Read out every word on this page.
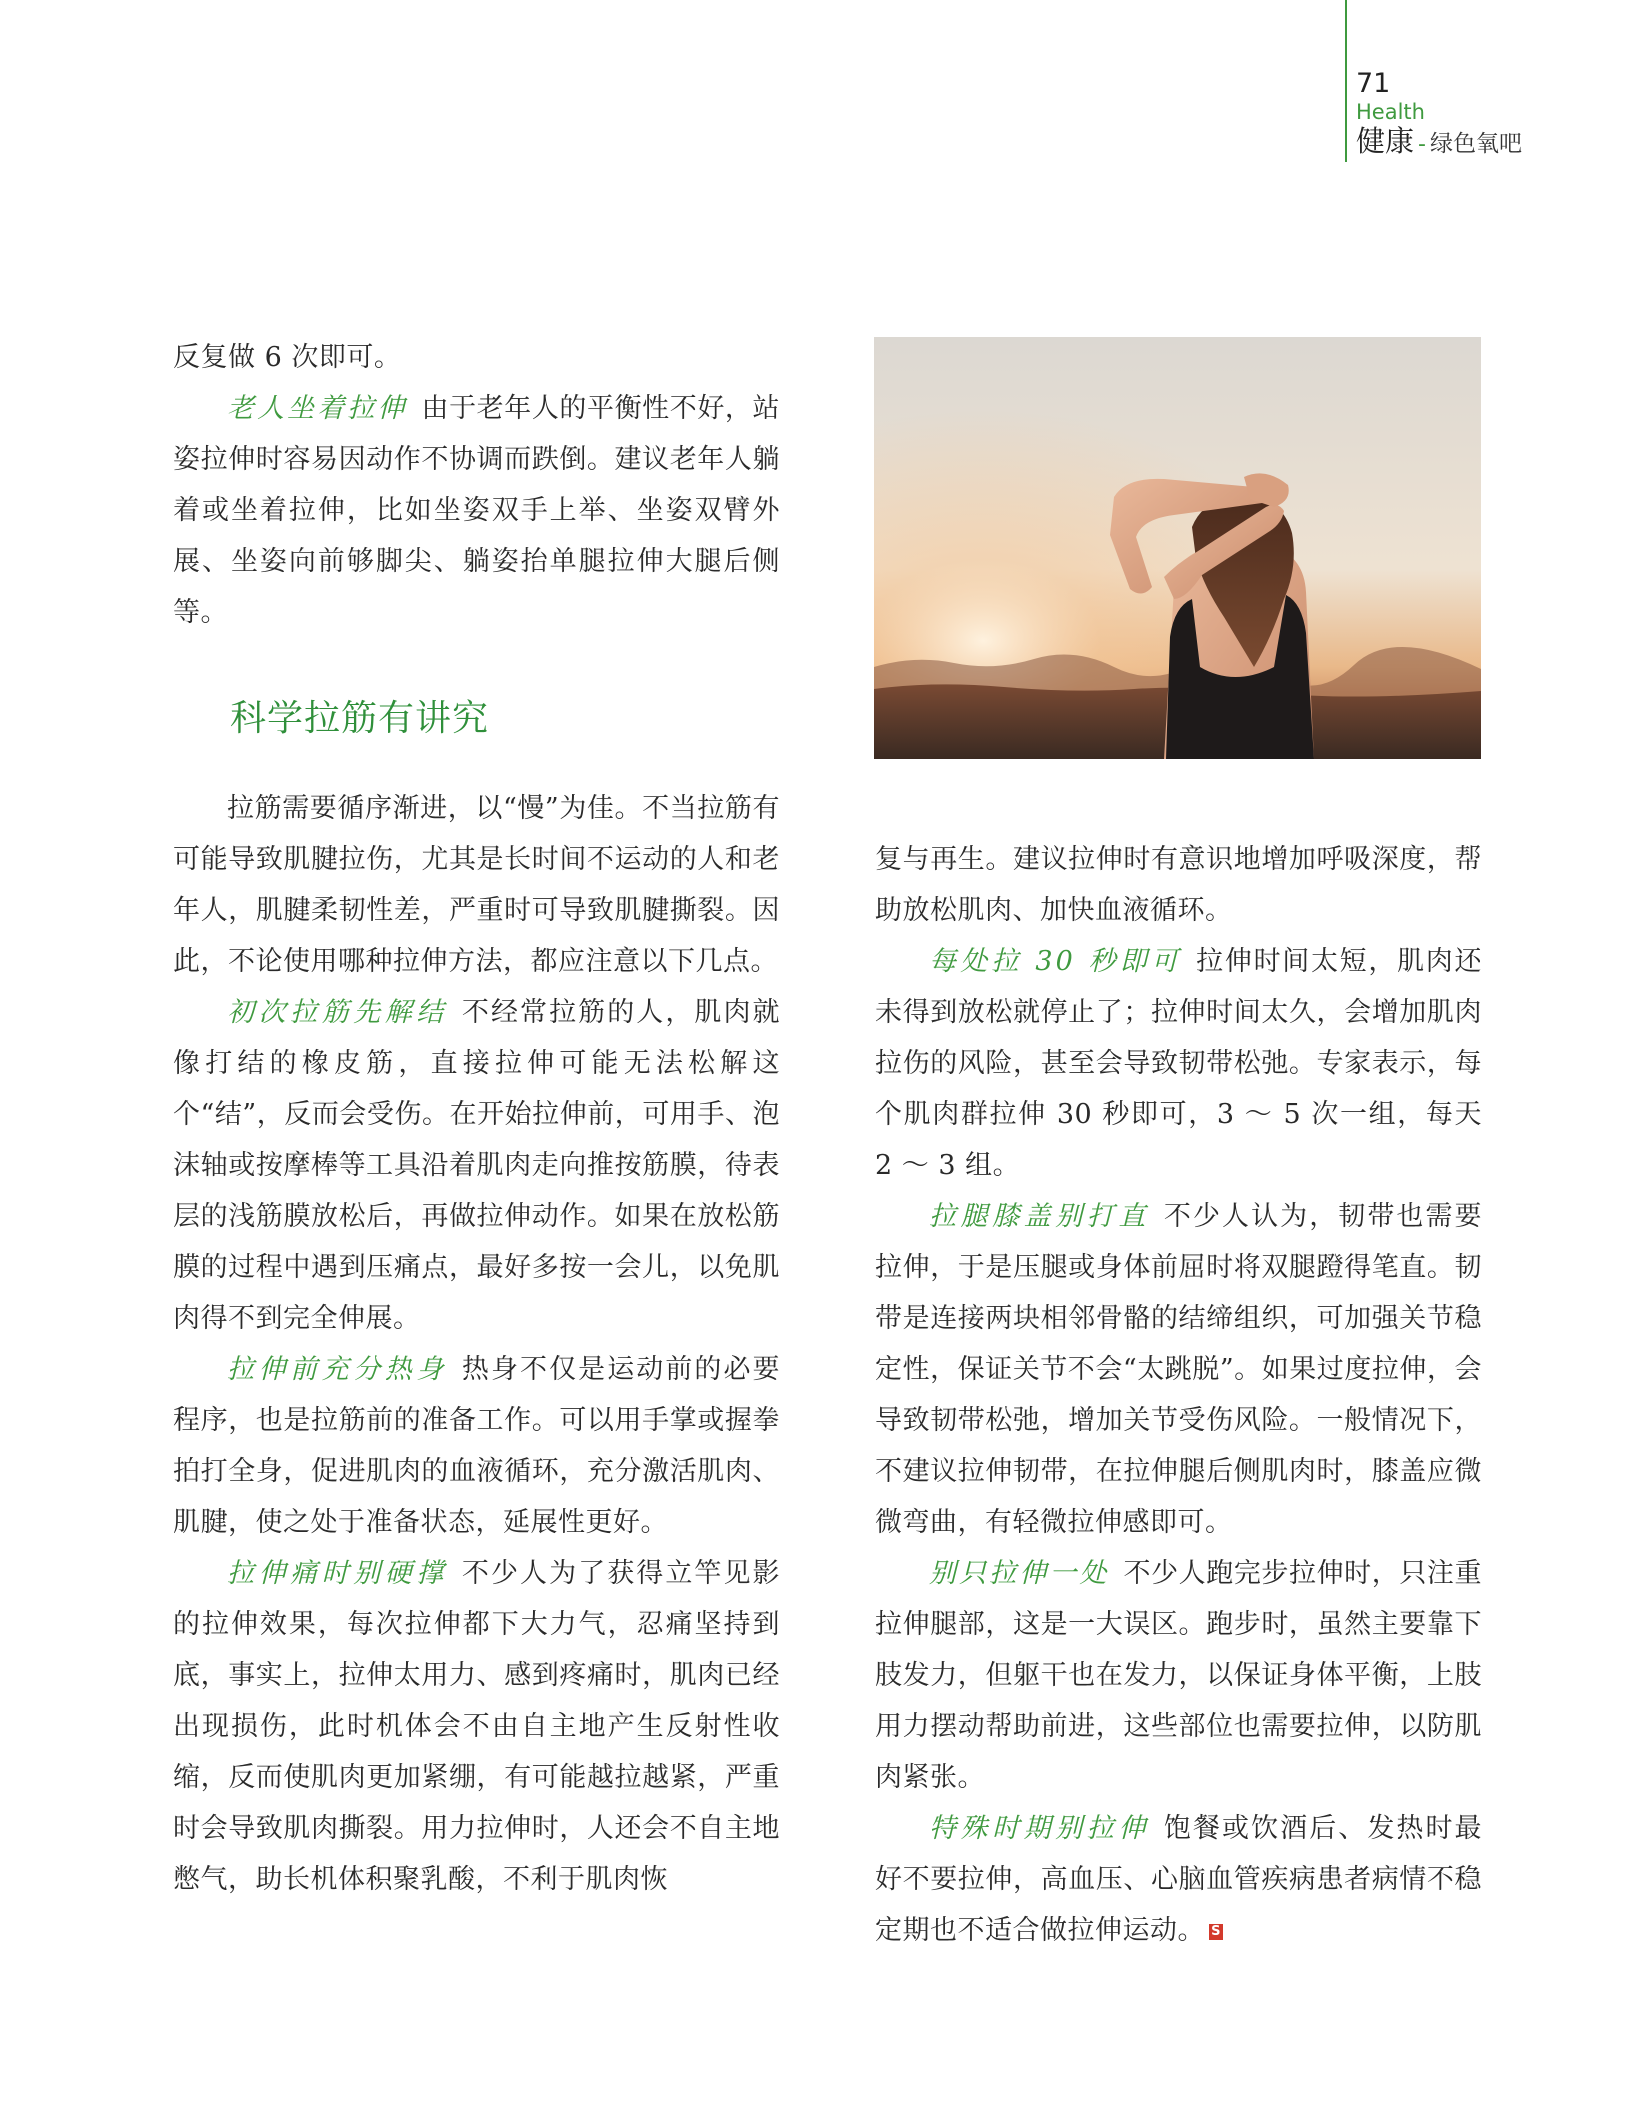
71
Health
健康 - 绿色氧吧

反复做 6 次即可。

老人坐着拉伸 由于老年人的平衡性不好，站姿拉伸时容易因动作不协调而跌倒。建议老年人躺着或坐着拉伸，比如坐姿双手上举、坐姿双臂外展、坐姿向前够脚尖、躺姿抬单腿拉伸大腿后侧等。

科学拉筋有讲究

拉筋需要循序渐进，以“慢”为佳。不当拉筋有可能导致肌腱拉伤，尤其是长时间不运动的人和老年人，肌腱柔韧性差，严重时可导致肌腱撕裂。因此，不论使用哪种拉伸方法，都应注意以下几点。

初次拉筋先解结 不经常拉筋的人，肌肉就像打结的橡皮筋，直接拉伸可能无法松解这个“结”，反而会受伤。在开始拉伸前，可用手、泡沫轴或按摩棒等工具沿着肌肉走向推按筋膜，待表层的浅筋膜放松后，再做拉伸动作。如果在放松筋膜的过程中遇到压痛点，最好多按一会儿，以免肌肉得不到完全伸展。

拉伸前充分热身 热身不仅是运动前的必要程序，也是拉筋前的准备工作。可以用手掌或握拳拍打全身，促进肌肉的血液循环，充分激活肌肉、肌腱，使之处于准备状态，延展性更好。

拉伸痛时别硬撑 不少人为了获得立竿见影的拉伸效果，每次拉伸都下大力气，忍痛坚持到底，事实上，拉伸太用力、感到疼痛时，肌肉已经出现损伤，此时机体会不由自主地产生反射性收缩，反而使肌肉更加紧绷，有可能越拉越紧，严重时会导致肌肉撕裂。用力拉伸时，人还会不自主地憋气，助长机体积聚乳酸，不利于肌肉恢

复与再生。建议拉伸时有意识地增加呼吸深度，帮助放松肌肉、加快血液循环。

每处拉 30 秒即可 拉伸时间太短，肌肉还未得到放松就停止了；拉伸时间太久，会增加肌肉拉伤的风险，甚至会导致韧带松弛。专家表示，每个肌肉群拉伸 30 秒即可，3 ～ 5 次一组，每天 2 ～ 3 组。

拉腿膝盖别打直 不少人认为，韧带也需要拉伸，于是压腿或身体前屈时将双腿蹬得笔直。韧带是连接两块相邻骨骼的结缔组织，可加强关节稳定性，保证关节不会“太跳脱”。如果过度拉伸，会导致韧带松弛，增加关节受伤风险。一般情况下，不建议拉伸韧带，在拉伸腿后侧肌肉时，膝盖应微微弯曲，有轻微拉伸感即可。

别只拉伸一处 不少人跑完步拉伸时，只注重拉伸腿部，这是一大误区。跑步时，虽然主要靠下肢发力，但躯干也在发力，以保证身体平衡，上肢用力摆动帮助前进，这些部位也需要拉伸，以防肌肉紧张。

特殊时期别拉伸 饱餐或饮酒后、发热时最好不要拉伸，高血压、心脑血管疾病患者病情不稳定期也不适合做拉伸运动。 S
